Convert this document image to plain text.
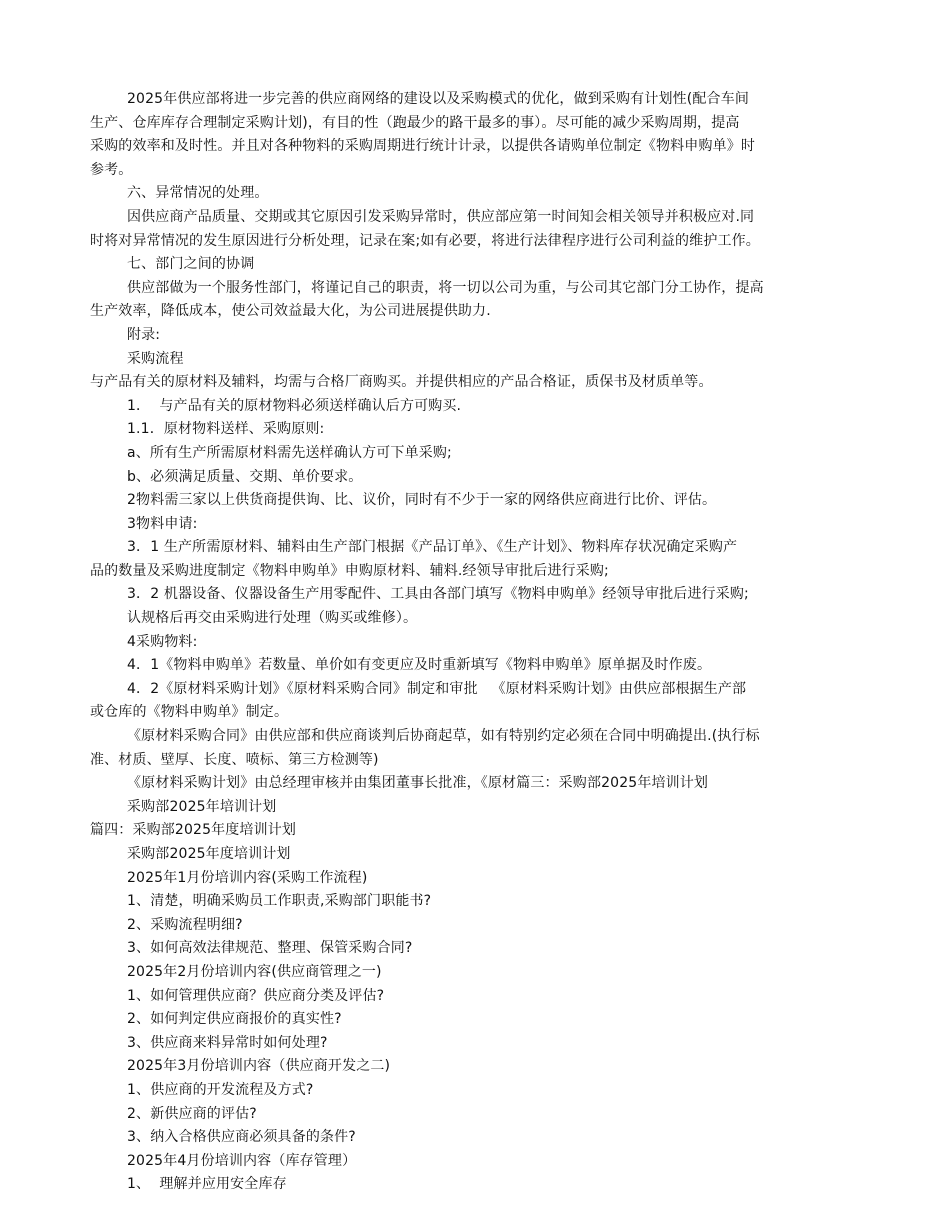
2025年供应部将进一步完善的供应商网络的建设以及采购模式的优化，做到采购有计划性(配合车间
生产、仓库库存合理制定采购计划)，有目的性（跑最少的路干最多的事）。尽可能的减少采购周期，提高
采购的效率和及时性。并且对各种物料的采购周期进行统计计录，以提供各请购单位制定《物料申购单》时
参考。
六、异常情况的处理。
因供应商产品质量、交期或其它原因引发采购异常时，供应部应第一时间知会相关领导并积极应对.同
时将对异常情况的发生原因进行分析处理，记录在案;如有必要，将进行法律程序进行公司利益的维护工作。
七、部门之间的协调
供应部做为一个服务性部门，将谨记自己的职责，将一切以公司为重，与公司其它部门分工协作，提高
生产效率，降低成本，使公司效益最大化，为公司进展提供助力.
附录:
采购流程
与产品有关的原材料及辅料，均需与合格厂商购买。并提供相应的产品合格证，质保书及材质单等。
1．  与产品有关的原材物料必须送样确认后方可购买.
1.1．原材物料送样、采购原则:
a、所有生产所需原材料需先送样确认方可下单采购;
b、必须满足质量、交期、单价要求。
2物料需三家以上供货商提供询、比、议价，同时有不少于一家的网络供应商进行比价、评估。
3物料申请:
3．1 生产所需原材料、辅料由生产部门根据《产品订单》、《生产计划》、物料库存状况确定采购产
品的数量及采购进度制定《物料申购单》申购原材料、辅料.经领导审批后进行采购;
3．2 机器设备、仪器设备生产用零配件、工具由各部门填写《物料申购单》经领导审批后进行采购;
认规格后再交由采购进行处理（购买或维修）。
4采购物料:
4．1《物料申购单》若数量、单价如有变更应及时重新填写《物料申购单》原单据及时作废。
4．2《原材料采购计划》《原材料采购合同》制定和审批   《原材料采购计划》由供应部根据生产部
或仓库的《物料申购单》制定。
《原材料采购合同》由供应部和供应商谈判后协商起草，如有特别约定必须在合同中明确提出.(执行标
准、材质、壁厚、长度、喷标、第三方检测等)
《原材料采购计划》由总经理审核并由集团董事长批准，《原材篇三：采购部2025年培训计划
采购部2025年培训计划
篇四：采购部2025年度培训计划
采购部2025年度培训计划
2025年1月份培训内容(采购工作流程)
1、清楚，明确采购员工作职责,采购部门职能书?
2、采购流程明细?
3、如何高效法律规范、整理、保管采购合同?
2025年2月份培训内容(供应商管理之一)
1、如何管理供应商？供应商分类及评估?
2、如何判定供应商报价的真实性?
3、供应商来料异常时如何处理?
2025年3月份培训内容（供应商开发之二)
1、供应商的开发流程及方式?
2、新供应商的评估?
3、纳入合格供应商必须具备的条件?
2025年4月份培训内容（库存管理）
1、  理解并应用安全库存
